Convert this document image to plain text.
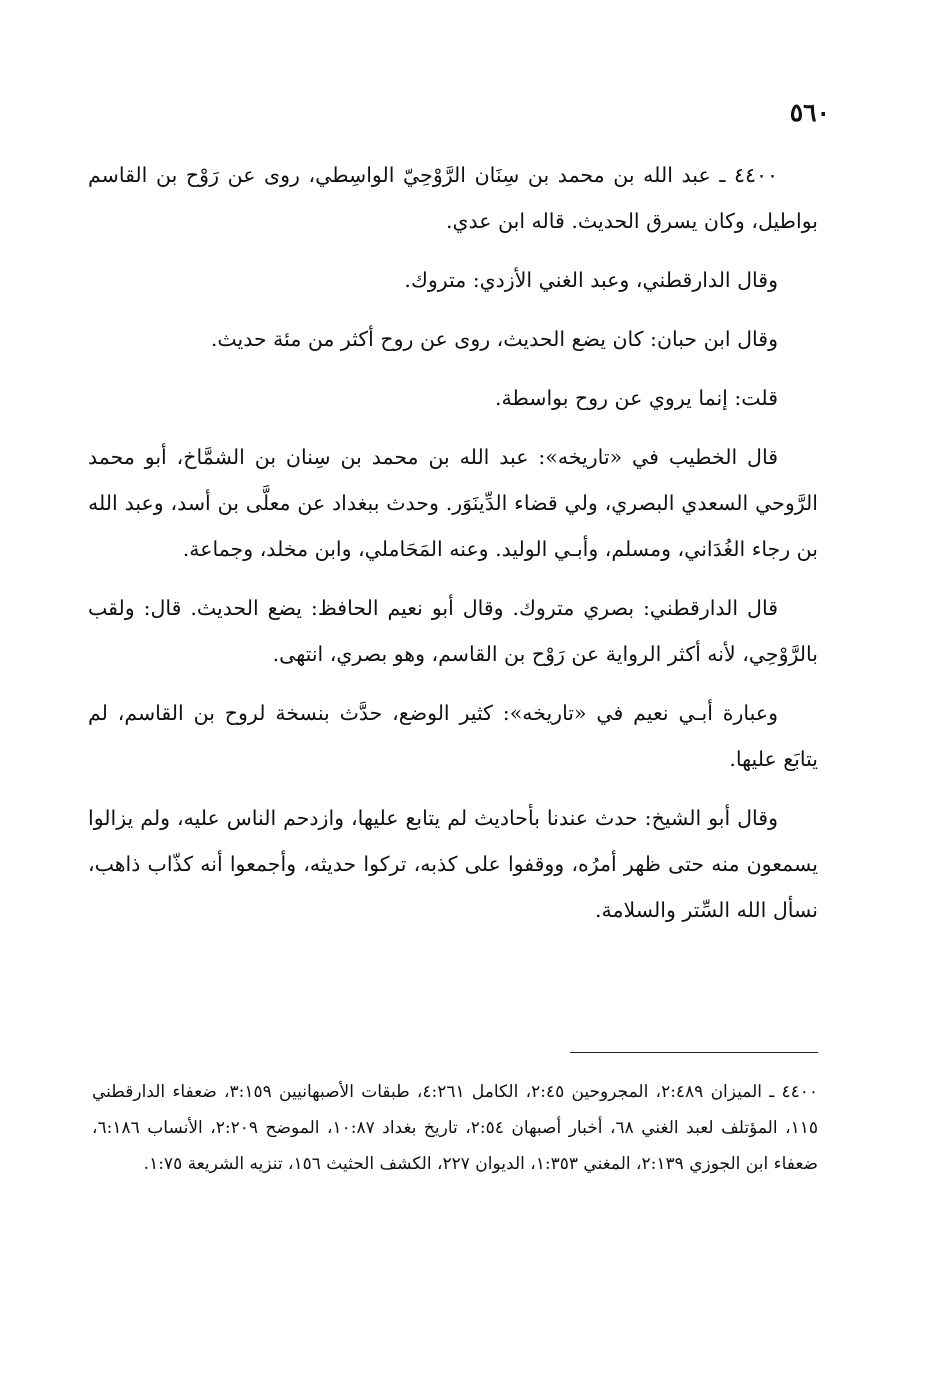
٥٦٠

٤٤٠٠ ـ عبد الله بن محمد بن سِنَان الرَّوْحِيّ الواسِطي، روى عن رَوْح بن القاسم بواطيل، وكان يسرق الحديث. قاله ابن عدي.

وقال الدارقطني، وعبد الغني الأزدي: متروك.

وقال ابن حبان: كان يضع الحديث، روى عن روح أكثر من مئة حديث.

قلت: إنما يروي عن روح بواسطة.

قال الخطيب في «تاريخه»: عبد الله بن محمد بن سِنان بن الشمَّاخ، أبو محمد الرَّوحي السعدي البصري، ولي قضاء الدِّينَوَر. وحدث ببغداد عن معلَّى بن أسد، وعبد الله بن رجاء الغُدَاني، ومسلم، وأبـي الوليد. وعنه المَحَاملي، وابن مخلد، وجماعة.

قال الدارقطني: بصري متروك. وقال أبو نعيم الحافظ: يضع الحديث. قال: ولقب بالرَّوْحِي، لأنه أكثر الرواية عن رَوْح بن القاسم، وهو بصري، انتهى.

وعبارة أبـي نعيم في «تاريخه»: كثير الوضع، حدَّث بنسخة لروح بن القاسم، لم يتابَع عليها.

وقال أبو الشيخ: حدث عندنا بأحاديث لم يتابع عليها، وازدحم الناس عليه، ولم يزالوا يسمعون منه حتى ظهر أمرُه، ووقفوا على كذبه، تركوا حديثه، وأجمعوا أنه كذّاب ذاهب، نسأل الله السِّتر والسلامة.

٤٤٠٠ ـ الميزان ٢:٤٨٩، المجروحين ٢:٤٥، الكامل ٤:٢٦١، طبقات الأصبهانيين ٣:١٥٩، ضعفاء الدارقطني ١١٥، المؤتلف لعبد الغني ٦٨، أخبار أصبهان ٢:٥٤، تاريخ بغداد ١٠:٨٧، الموضح ٢:٢٠٩، الأنساب ٦:١٨٦، ضعفاء ابن الجوزي ٢:١٣٩، المغني ١:٣٥٣، الديوان ٢٢٧، الكشف الحثيث ١٥٦، تنزيه الشريعة ١:٧٥.
